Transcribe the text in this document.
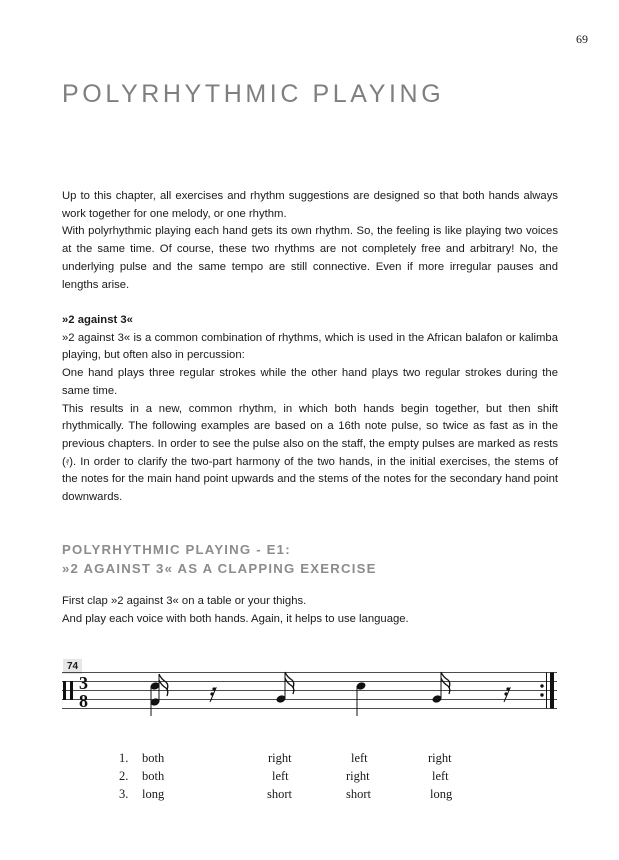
69
POLYRHYTHMIC PLAYING

Up to this chapter, all exercises and rhythm suggestions are designed so that both hands always work together for one melody, or one rhythm.

With polyrhythmic playing each hand gets its own rhythm. So, the feeling is like playing two voices at the same time. Of course, these two rhythms are not completely free and arbitrary! No, the underlying pulse and the same tempo are still connective. Even if more irregular pauses and lengths arise.

»2 against 3«

»2 against 3« is a common combination of rhythms, which is used in the African balafon or kalimba playing, but often also in percussion:

One hand plays three regular strokes while the other hand plays two regular strokes during the same time.

This results in a new, common rhythm, in which both hands begin together, but then shift rhythmically. The following examples are based on a 16th note pulse, so twice as fast as in the previous chapters. In order to see the pulse also on the staff, the empty pulses are marked as rests (𝄿). In order to clarify the two-part harmony of the two hands, in the initial exercises, the stems of the notes for the main hand point upwards and the stems of the notes for the secondary hand point downwards.

POLYRHYTHMIC PLAYING - E1:
»2 AGAINST 3« AS A CLAPPING EXERCISE

First clap »2 against 3« on a table or your thighs.

And play each voice with both hands. Again, it helps to use language.

74
3
8
1. both	right	left	right
2. both	left	right	left
3. long	short	short	long
